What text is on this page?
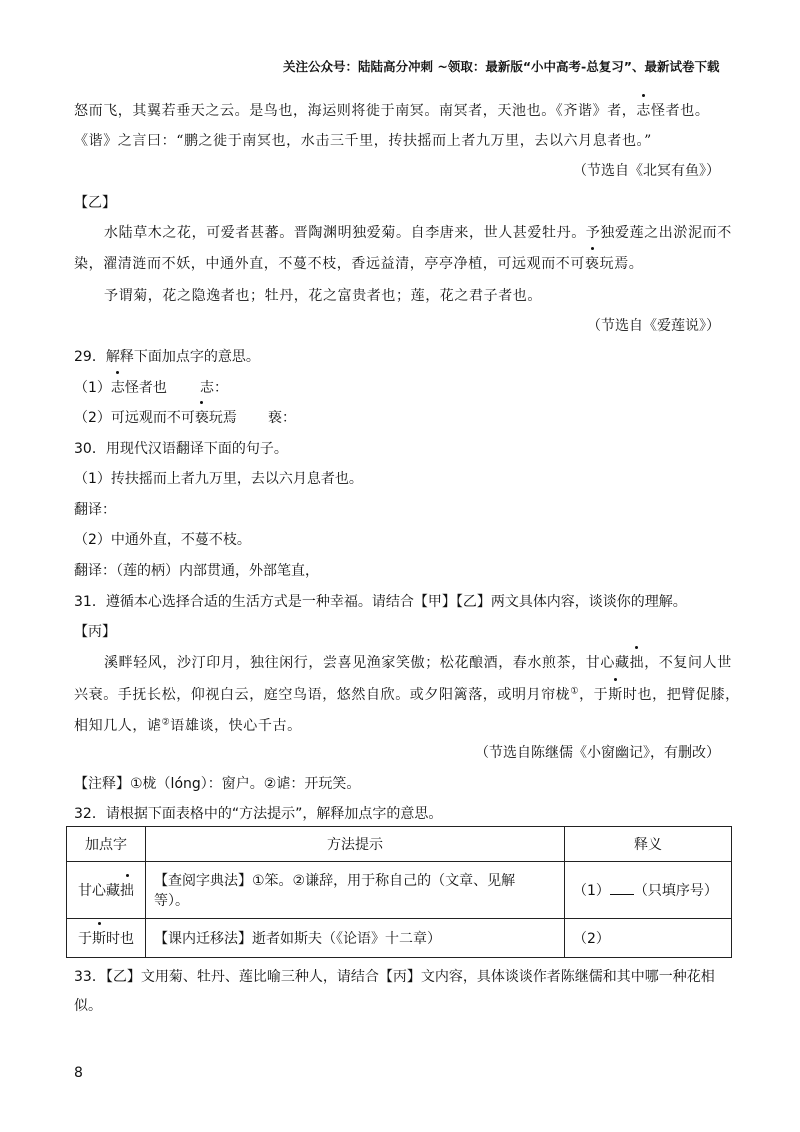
关注公众号：陆陆高分冲刺 ~领取：最新版“小中高考-总复习”、最新试卷下载
怒而飞，其翼若垂天之云。是鸟也，海运则将徙于南冥。南冥者，天池也。《齐谐》者，志怪者也。
《谐》之言曰：“鹏之徙于南冥也，水击三千里，抟扶摇而上者九万里，去以六月息者也。”
（节选自《北冥有鱼》）
【乙】
水陆草木之花，可爱者甚蕃。晋陶渊明独爱菊。自李唐来，世人甚爱牡丹。予独爱莲之出淤泥而不
染，濯清涟而不妖，中通外直，不蔓不枝，香远益清，亭亭净植，可远观而不可亵玩焉。
予谓菊，花之隐逸者也；牡丹，花之富贵者也；莲，花之君子者也。
（节选自《爱莲说》）
29．解释下面加点字的意思。
（1）志怪者也 志：
（2）可远观而不可亵玩焉 亵：
30．用现代汉语翻译下面的句子。
（1）抟扶摇而上者九万里，去以六月息者也。
翻译：
（2）中通外直，不蔓不枝。
翻译：（莲的柄）内部贯通，外部笔直，
31．遵循本心选择合适的生活方式是一种幸福。请结合【甲】【乙】两文具体内容，谈谈你的理解。
【丙】
溪畔轻风，沙汀印月，独往闲行，尝喜见渔家笑傲；松花酿酒，春水煎茶，甘心藏拙，不复问人世
兴衰。手抚长松，仰视白云，庭空鸟语，悠然自欣。或夕阳篱落，或明月帘栊①，于斯时也，把臂促膝，
相知几人，谑②语雄谈，快心千古。
（节选自陈继儒《小窗幽记》，有删改）
【注释】①栊（lóng）：窗户。②谑：开玩笑。
32．请根据下面表格中的“方法提示”，解释加点字的意思。
加点字	方法提示	释义
甘心藏拙	【查阅字典法】①笨。②谦辞，用于称自己的（文章、见解
等）。	（1） （只填序号）
于斯时也	【课内迁移法】逝者如斯夫（《论语》十二章）	（2）
33．【乙】文用菊、牡丹、莲比喻三种人，请结合【丙】文内容，具体谈谈作者陈继儒和其中哪一种花相
似。
8
